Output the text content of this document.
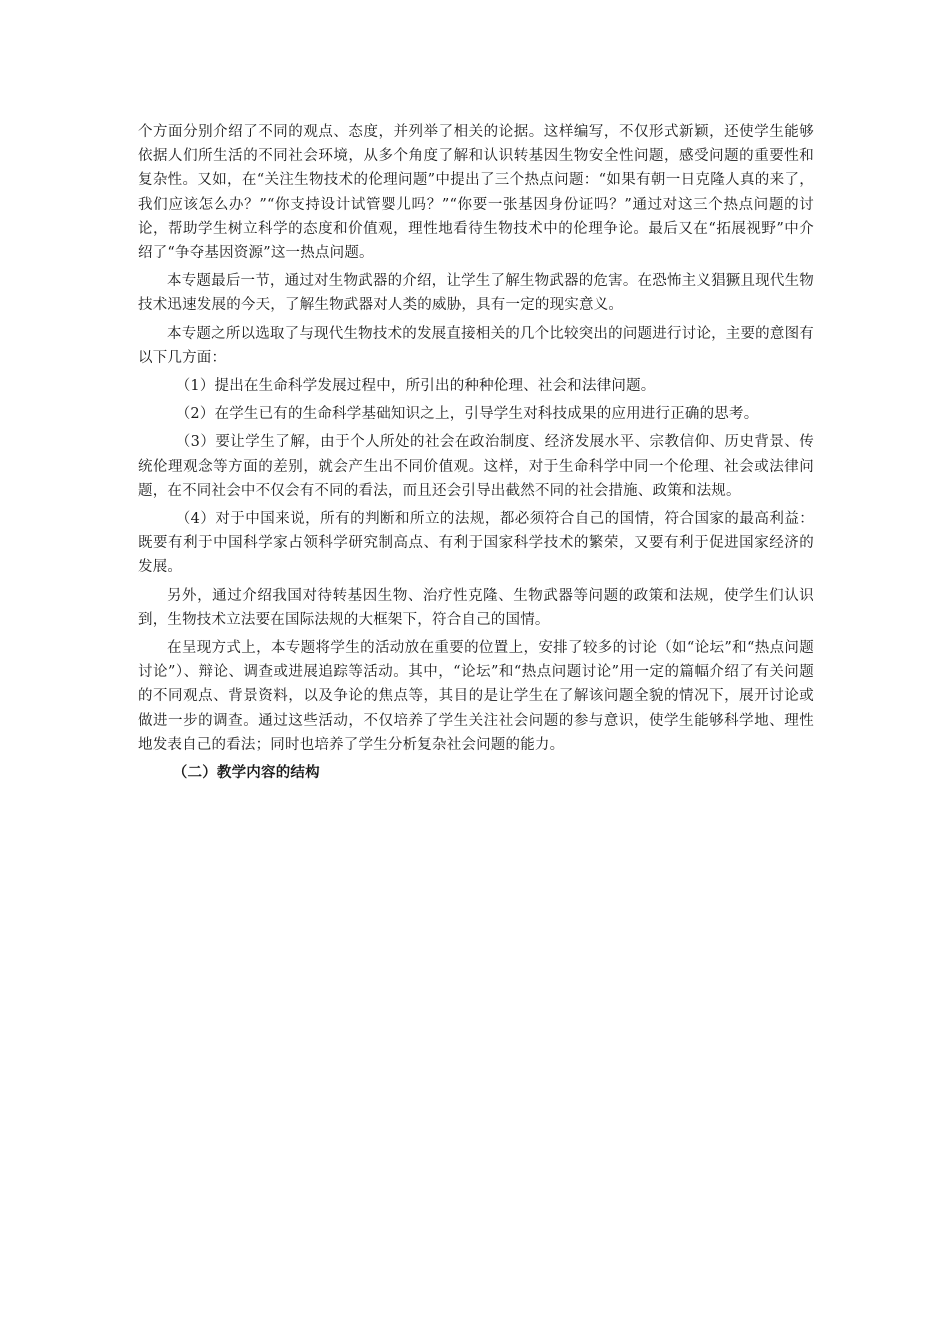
个方面分别介绍了不同的观点、态度，并列举了相关的论据。这样编写，不仅形式新颖，还使学生能够依据人们所生活的不同社会环境，从多个角度了解和认识转基因生物安全性问题，感受问题的重要性和复杂性。又如，在“关注生物技术的伦理问题”中提出了三个热点问题：“如果有朝一日克隆人真的来了，我们应该怎么办？”“你支持设计试管婴儿吗？”“你要一张基因身份证吗？”通过对这三个热点问题的讨论，帮助学生树立科学的态度和价值观，理性地看待生物技术中的伦理争论。最后又在“拓展视野”中介绍了“争夺基因资源”这一热点问题。

本专题最后一节，通过对生物武器的介绍，让学生了解生物武器的危害。在恐怖主义猖獗且现代生物技术迅速发展的今天，了解生物武器对人类的威胁，具有一定的现实意义。

本专题之所以选取了与现代生物技术的发展直接相关的几个比较突出的问题进行讨论，主要的意图有以下几方面：

（1）提出在生命科学发展过程中，所引出的种种伦理、社会和法律问题。

（2）在学生已有的生命科学基础知识之上，引导学生对科技成果的应用进行正确的思考。

（3）要让学生了解，由于个人所处的社会在政治制度、经济发展水平、宗教信仰、历史背景、传统伦理观念等方面的差别，就会产生出不同价值观。这样，对于生命科学中同一个伦理、社会或法律问题，在不同社会中不仅会有不同的看法，而且还会引导出截然不同的社会措施、政策和法规。

（4）对于中国来说，所有的判断和所立的法规，都必须符合自己的国情，符合国家的最高利益：既要有利于中国科学家占领科学研究制高点、有利于国家科学技术的繁荣，又要有利于促进国家经济的发展。

另外，通过介绍我国对待转基因生物、治疗性克隆、生物武器等问题的政策和法规，使学生们认识到，生物技术立法要在国际法规的大框架下，符合自己的国情。

在呈现方式上，本专题将学生的活动放在重要的位置上，安排了较多的讨论（如“论坛”和“热点问题讨论”）、辩论、调查或进展追踪等活动。其中，“论坛”和“热点问题讨论”用一定的篇幅介绍了有关问题的不同观点、背景资料，以及争论的焦点等，其目的是让学生在了解该问题全貌的情况下，展开讨论或做进一步的调查。通过这些活动，不仅培养了学生关注社会问题的参与意识，使学生能够科学地、理性地发表自己的看法；同时也培养了学生分析复杂社会问题的能力。

（二）教学内容的结构
